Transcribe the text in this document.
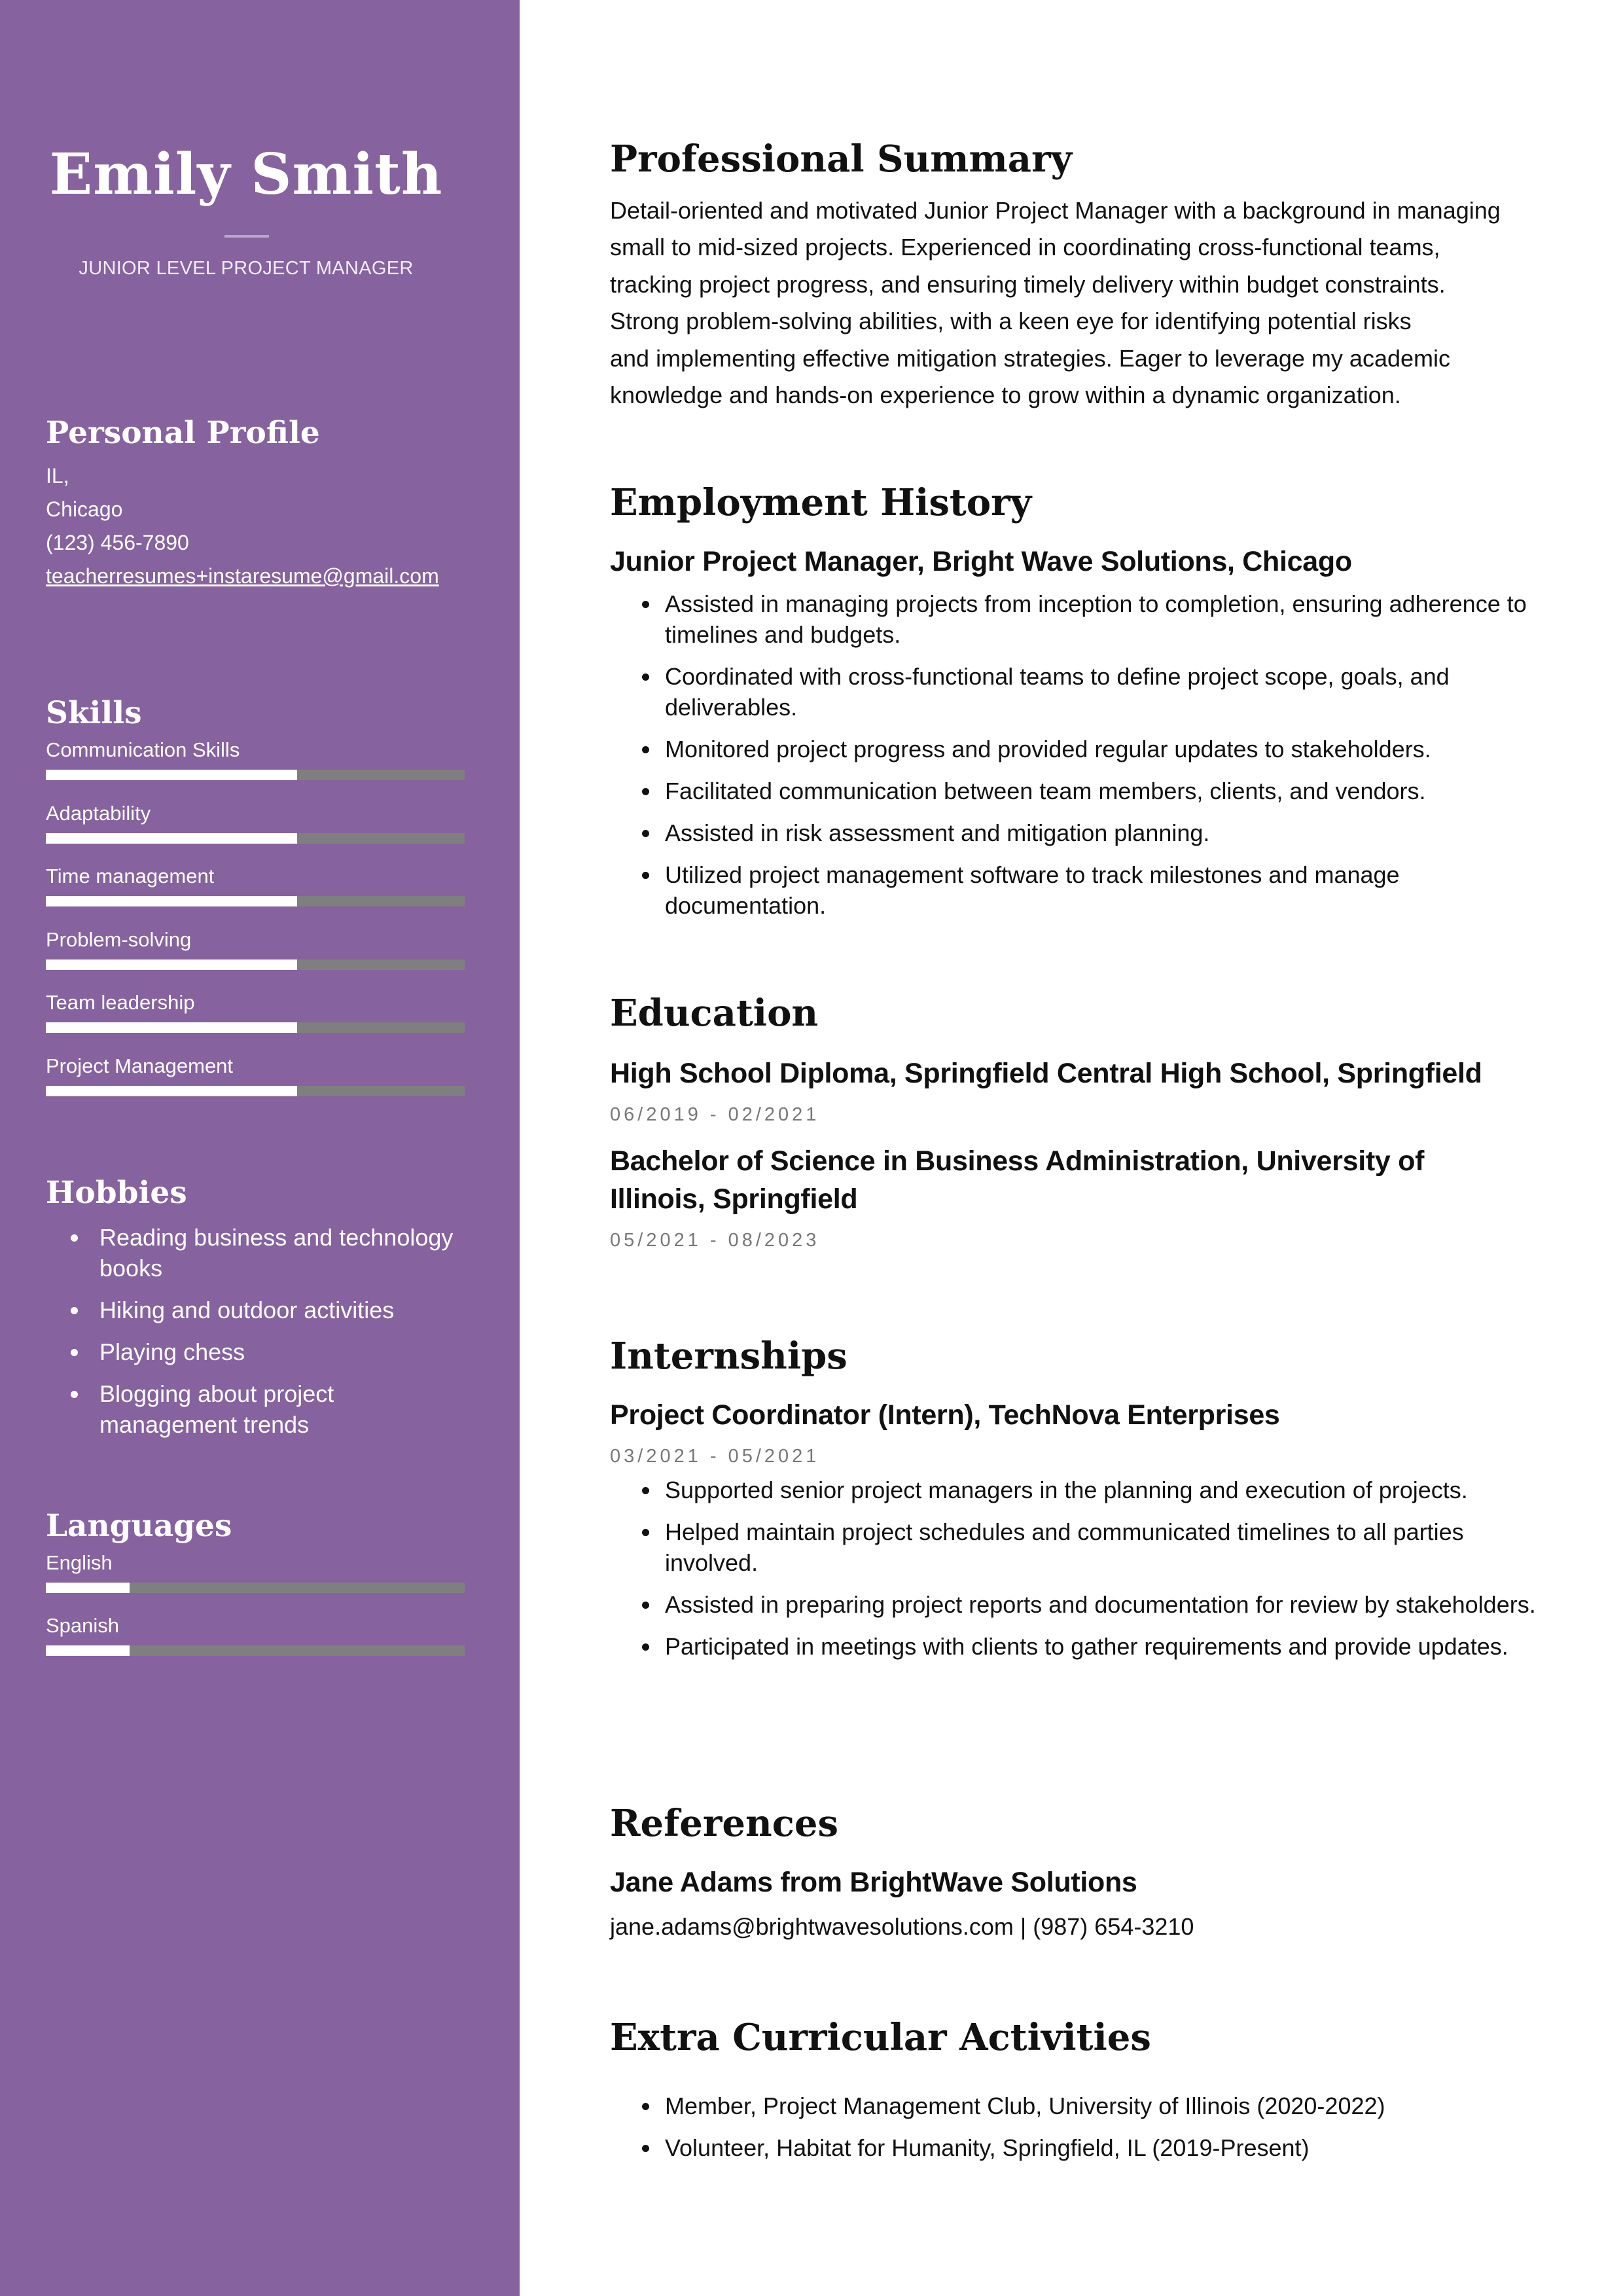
Emily Smith
JUNIOR LEVEL PROJECT MANAGER
Personal Profile
IL,
Chicago
(123) 456-7890
teacherresumes+instaresume@gmail.com
Skills
Communication Skills
Adaptability
Time management
Problem-solving
Team leadership
Project Management
Hobbies
Reading business and technology books
Hiking and outdoor activities
Playing chess
Blogging about project management trends
Languages
English
Spanish
Professional Summary
Detail-oriented and motivated Junior Project Manager with a background in managing
small to mid-sized projects. Experienced in coordinating cross-functional teams,
tracking project progress, and ensuring timely delivery within budget constraints.
Strong problem-solving abilities, with a keen eye for identifying potential risks
and implementing effective mitigation strategies. Eager to leverage my academic
knowledge and hands-on experience to grow within a dynamic organization.
Employment History
Junior Project Manager, Bright Wave Solutions, Chicago
Assisted in managing projects from inception to completion, ensuring adherence to timelines and budgets.
Coordinated with cross-functional teams to define project scope, goals, and deliverables.
Monitored project progress and provided regular updates to stakeholders.
Facilitated communication between team members, clients, and vendors.
Assisted in risk assessment and mitigation planning.
Utilized project management software to track milestones and manage documentation.
Education
High School Diploma, Springfield Central High School, Springfield
06/2019 - 02/2021
Bachelor of Science in Business Administration, University of Illinois, Springfield
05/2021 - 08/2023
Internships
Project Coordinator (Intern), TechNova Enterprises
03/2021 - 05/2021
Supported senior project managers in the planning and execution of projects.
Helped maintain project schedules and communicated timelines to all parties involved.
Assisted in preparing project reports and documentation for review by stakeholders.
Participated in meetings with clients to gather requirements and provide updates.
References
Jane Adams from BrightWave Solutions
jane.adams@brightwavesolutions.com | (987) 654-3210
Extra Curricular Activities
Member, Project Management Club, University of Illinois (2020-2022)
Volunteer, Habitat for Humanity, Springfield, IL (2019-Present)
